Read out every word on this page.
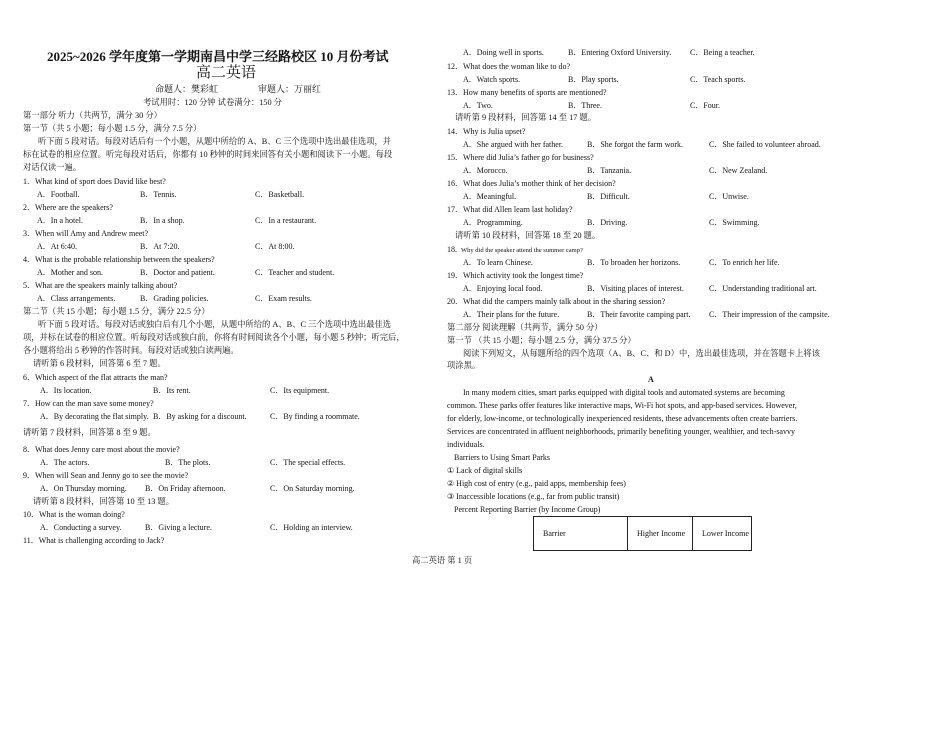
2025~2026 学年度第一学期南昌中学三经路校区 10 月份考试
高二英语
命题人：樊彩虹	审题人：万丽红
考试用时：120 分钟 试卷满分：150 分
第一部分 听力（共两节，满分 30 分）
第一节（共 5 小题；每小题 1.5 分，满分 7.5 分）
听下面 5 段对话。每段对话后有一个小题，从题中所给的 A、B、C 三个选项中选出最佳选项，并
标在试卷的相应位置。听完每段对话后，你都有 10 秒钟的时间来回答有关小题和阅读下一小题。每段
对话仅读一遍。
第二节（共 15 小题；每小题 1.5 分，满分 22.5 分）
听下面 5 段对话。每段对话或独白后有几个小题，从题中所给的 A、B、C 三个选项中选出最佳选
项，并标在试卷的相应位置。听每段对话或独白前，你将有时间阅读各个小题，每小题 5 秒钟；听完后，
各小题将给出 5 秒钟的作答时间。每段对话或独白读两遍。
请听第 6 段材料，回答第 6 至 7 题。
请听第 7 段材料，回答第 8 至 9 题。
请听第 8 段材料，回答第 10 至 13 题。
请听第 9 段材料，回答第 14 至 17 题。
请听第 10 段材料，回答第 18 至 20 题。
1．What kind of sport does David like best?
A．Football.	B．Tennis.	C．Basketball.
2．Where are the speakers?
A．In a hotel.	B．In a shop.	C．In a restaurant.
3．When will Amy and Andrew meet?
A．At 6:40.	B．At 7:20.	C．At 8:00.
4．What is the probable relationship between the speakers?
A．Mother and son.	B．Doctor and patient.	C．Teacher and student.
5．What are the speakers mainly talking about?
A．Class arrangements.	B．Grading policies.	C．Exam results.
6．Which aspect of the flat attracts the man?
A．Its location.	B．Its rent.	C．Its equipment.
7．How can the man save some money?
A．By decorating the flat simply. B．By asking for a discount.	C．By finding a roommate.
8．What does Jenny care most about the movie?
A．The actors.	B．The plots.	C．The special effects.
9．When will Sean and Jenny go to see the movie?
A．On Thursday morning. B．On Friday afternoon.	C．On Saturday morning.
10．What is the woman doing?
A．Conducting a survey.	B．Giving a lecture.	C．Holding an interview.
11．What is challenging according to Jack?
A．Doing well in sports.	B．Entering Oxford University. C．Being a teacher.
12．What does the woman like to do?
A．Watch sports.	B．Play sports.	C．Teach sports.
13．How many benefits of sports are mentioned?
A．Two.	B．Three.	C．Four.
14．Why is Julia upset?
A．She argued with her father.	B．She forgot the farm work.	C．She failed to volunteer abroad.
15．Where did Julia’s father go for business?
A．Morocco.	B．Tanzania.	C．New Zealand.
16．What does Julia’s mother think of her decision?
A．Meaningful.	B．Difficult.	C．Unwise.
17．What did Allen learn last holiday?
A．Programming.	B．Driving.	C．Swimming.
18. Why did the speaker attend the summer camp?
A．To learn Chinese.	B．To broaden her horizons.	C．To enrich her life.
19．Which activity took the longest time?
A．Enjoying local food.	B．Visiting places of interest.	C．Understanding traditional art.
20．What did the campers mainly talk about in the sharing session?
A．Their plans for the future.	B．Their favorite camping part. C．Their impression of the campsite.
第二部分 阅读理解（共两节，满分 50 分）
第一节 （共 15 小题；每小题 2.5 分，满分 37.5 分）
阅读下列短文，从每题所给的四个选项（A、B、C、和 D）中，选出最佳选项，并在答题卡上将该
项涂黑。
A
In many modern cities, smart parks equipped with digital tools and automated systems are becoming
common. These parks offer features like interactive maps, Wi-Fi hot spots, and app-based services. However,
for elderly, low-income, or technologically inexperienced residents, these advancements often create barriers.
Services are concentrated in affluent neighborhoods, primarily benefiting younger, wealthier, and tech-savvy
individuals.
Barriers to Using Smart Parks
① Lack of digital skills
② High cost of entry (e.g., paid apps, membership fees)
③ Inaccessible locations (e.g., far from public transit)
Percent Reporting Barrier (by Income Group)
Barrier	Higher Income	Lower Income
高二英语 第 1 页
